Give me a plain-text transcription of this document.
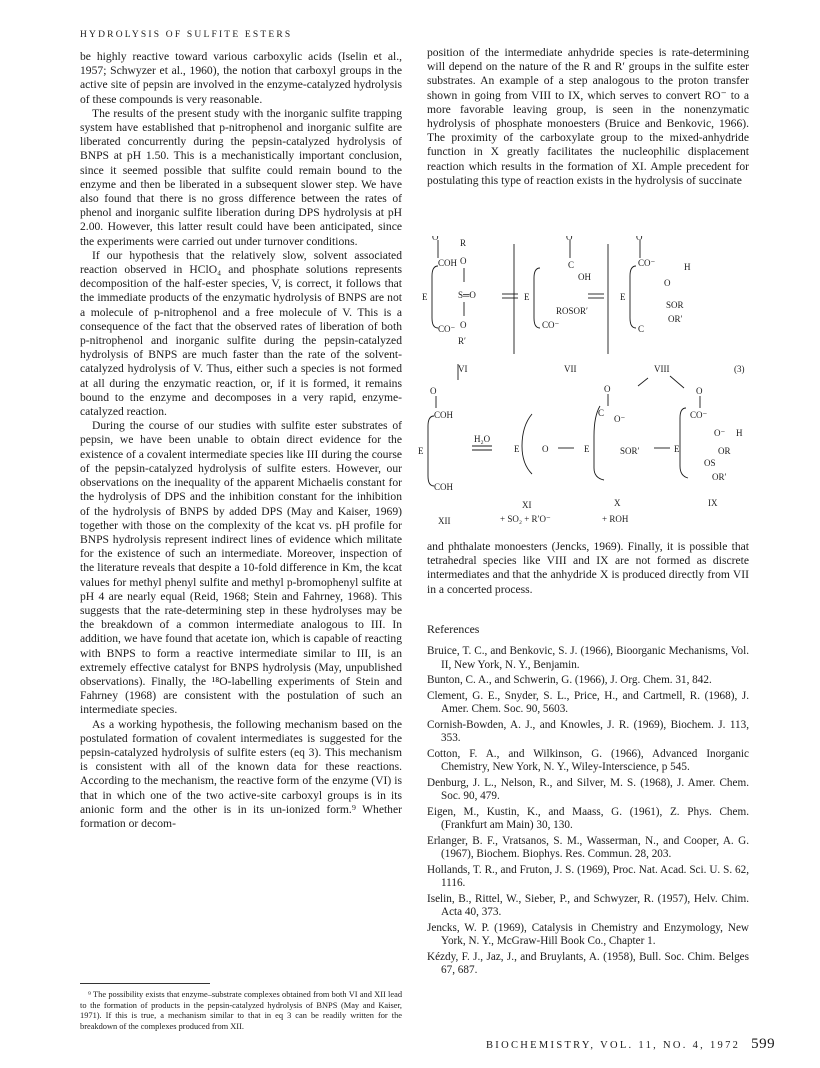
HYDROLYSIS OF SULFITE ESTERS

be highly reactive toward various carboxylic acids (Iselin et al., 1957; Schwyzer et al., 1960), the notion that carboxyl groups in the active site of pepsin are involved in the enzyme-catalyzed hydrolysis of these compounds is very reasonable.

The results of the present study with the inorganic sulfite trapping system have established that p-nitrophenol and inorganic sulfite are liberated concurrently during the pepsin-catalyzed hydrolysis of BNPS at pH 1.50. This is a mechanistically important conclusion, since it seemed possible that sulfite could remain bound to the enzyme and then be liberated in a subsequent slower step. We have also found that there is no gross difference between the rates of phenol and inorganic sulfite liberation during DPS hydrolysis at pH 2.00. However, this latter result could have been anticipated, since the experiments were carried out under turnover conditions.

If our hypothesis that the relatively slow, solvent associated reaction observed in HClO₄ and phosphate solutions represents decomposition of the half-ester species, V, is correct, it follows that the immediate products of the enzymatic hydrolysis of BNPS are not a molecule of p-nitrophenol and a free molecule of V. This is a consequence of the fact that the observed rates of liberation of both p-nitrophenol and inorganic sulfite during the pepsin-catalyzed hydrolysis of BNPS are much faster than the rate of the solvent-catalyzed hydrolysis of V. Thus, either such a species is not formed at all during the enzymatic reaction, or, if it is formed, it remains bound to the enzyme and decomposes in a very rapid, enzyme-catalyzed reaction.

During the course of our studies with sulfite ester substrates of pepsin, we have been unable to obtain direct evidence for the existence of a covalent intermediate species like III during the course of the pepsin-catalyzed hydrolysis of sulfite esters. However, our observations on the inequality of the apparent Michaelis constant for the hydrolysis of DPS and the inhibition constant for the inhibition of the hydrolysis of BNPS by added DPS (May and Kaiser, 1969) together with those on the complexity of the kcat vs. pH profile for BNPS hydrolysis represent indirect lines of evidence which militate for the existence of such an intermediate. Moreover, inspection of the literature reveals that despite a 10-fold difference in Km, the kcat values for methyl phenyl sulfite and methyl p-bromophenyl sulfite at pH 4 are nearly equal (Reid, 1968; Stein and Fahrney, 1968). This suggests that the rate-determining step in these hydrolyses may be the breakdown of a common intermediate analogous to III. In addition, we have found that acetate ion, which is capable of reacting with BNPS to form a reactive intermediate similar to III, is an extremely effective catalyst for BNPS hydrolysis (May, unpublished observations). Finally, the ¹⁸O-labelling experiments of Stein and Fahrney (1968) are consistent with the postulation of such an intermediate species.

As a working hypothesis, the following mechanism based on the postulated formation of covalent intermediates is suggested for the pepsin-catalyzed hydrolysis of sulfite esters (eq 3). This mechanism is consistent with all of the known data for these reactions. According to the mechanism, the reactive form of the enzyme (VI) is that in which one of the two active-site carboxyl groups is in its anionic form and the other is in its un-ionized form.⁹ Whether formation or decom-

⁹ The possibility exists that enzyme–substrate complexes obtained from both VI and XII lead to the formation of products in the pepsin-catalyzed hydrolysis of BNPS (May and Kaiser, 1971). If this is true, a mechanism similar to that in eq 3 can be readily written for the breakdown of the complexes produced from XII.

position of the intermediate anhydride species is rate-determining will depend on the nature of the R and R′ groups in the sulfite ester substrates. An example of a step analogous to the proton transfer shown in going from VIII to IX, which serves to convert RO⁻ to a more favorable leaving group, is seen in the nonenzymatic hydrolysis of phosphate monoesters (Bruice and Benkovic, 1966). The proximity of the carboxylate group to the mixed-anhydride function in X greatly facilitates the nucleophilic displacement reaction which results in the formation of XI. Ample precedent for postulating this type of reaction exists in the hydrolysis of succinate

O
COH
E
CO⁻
R
O
S═O
O
R′
VI
O
C
OH
E
ROSOR′
CO⁻
VII
O
CO⁻	H
O
E
SOR
OR′
C
VIII	(3)
O
COH
E
COH
XII
H₂O
E	O
XI
+ SO₂ + R′O⁻
O
C
O⁻
E	SOR′
X
+ ROH
O
CO⁻
O⁻ H
E	OR
OS
OR′
IX

and phthalate monoesters (Jencks, 1969). Finally, it is possible that tetrahedral species like VIII and IX are not formed as discrete intermediates and that the anhydride X is produced directly from VII in a concerted process.

References

Bruice, T. C., and Benkovic, S. J. (1966), Bioorganic Mechanisms, Vol. II, New York, N. Y., Benjamin.

Bunton, C. A., and Schwerin, G. (1966), J. Org. Chem. 31, 842.

Clement, G. E., Snyder, S. L., Price, H., and Cartmell, R. (1968), J. Amer. Chem. Soc. 90, 5603.

Cornish-Bowden, A. J., and Knowles, J. R. (1969), Biochem. J. 113, 353.

Cotton, F. A., and Wilkinson, G. (1966), Advanced Inorganic Chemistry, New York, N. Y., Wiley-Interscience, p 545.

Denburg, J. L., Nelson, R., and Silver, M. S. (1968), J. Amer. Chem. Soc. 90, 479.

Eigen, M., Kustin, K., and Maass, G. (1961), Z. Phys. Chem. (Frankfurt am Main) 30, 130.

Erlanger, B. F., Vratsanos, S. M., Wasserman, N., and Cooper, A. G. (1967), Biochem. Biophys. Res. Commun. 28, 203.

Hollands, T. R., and Fruton, J. S. (1969), Proc. Nat. Acad. Sci. U. S. 62, 1116.

Iselin, B., Rittel, W., Sieber, P., and Schwyzer, R. (1957), Helv. Chim. Acta 40, 373.

Jencks, W. P. (1969), Catalysis in Chemistry and Enzymology, New York, N. Y., McGraw-Hill Book Co., Chapter 1.

Kézdy, F. J., Jaz, J., and Bruylants, A. (1958), Bull. Soc. Chim. Belges 67, 687.

BIOCHEMISTRY, VOL. 11, NO. 4, 1972 599
